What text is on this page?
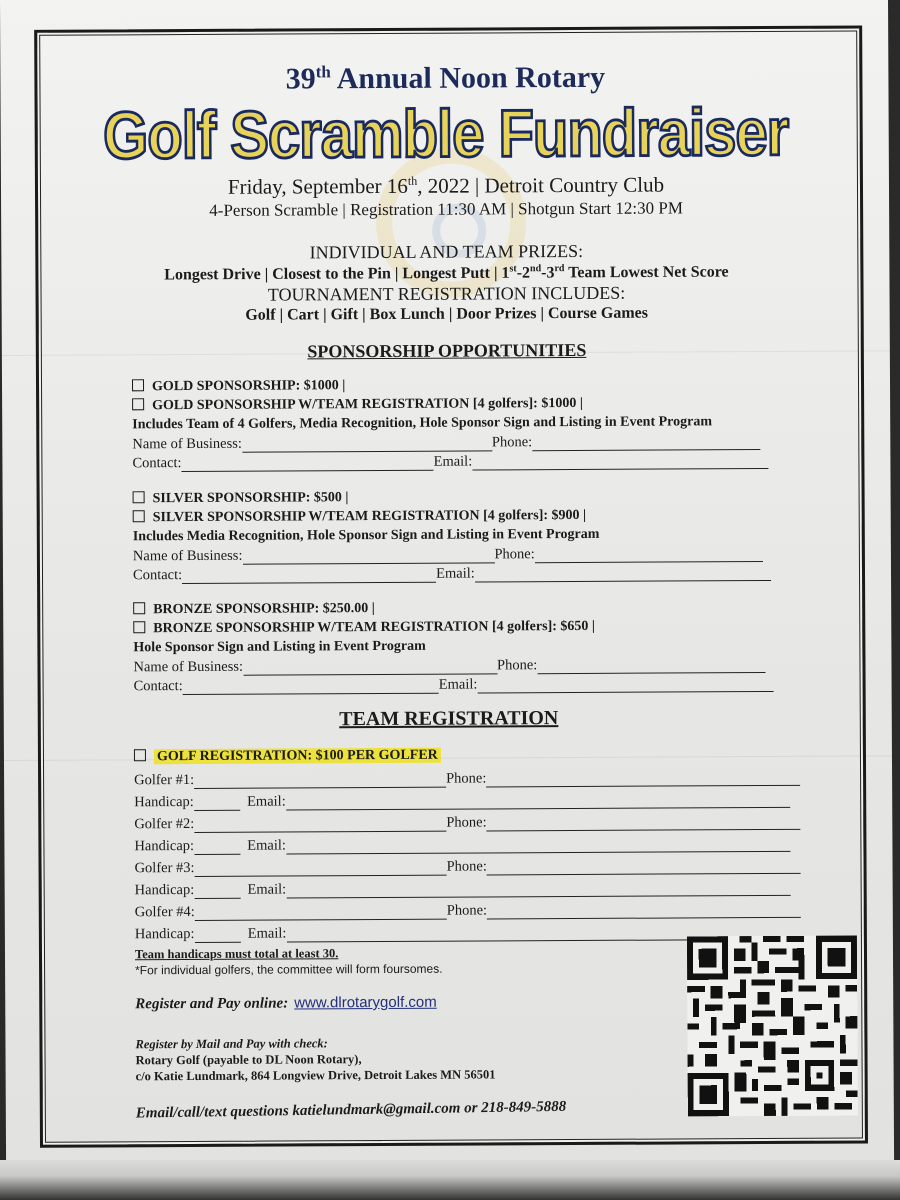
39th Annual Noon Rotary
Golf Scramble Fundraiser
Friday, September 16th, 2022 | Detroit Country Club
4-Person Scramble | Registration 11:30 AM | Shotgun Start 12:30 PM
INDIVIDUAL AND TEAM PRIZES:
Longest Drive | Closest to the Pin | Longest Putt | 1st-2nd-3rd Team Lowest Net Score
TOURNAMENT REGISTRATION INCLUDES:
Golf | Cart | Gift | Box Lunch | Door Prizes | Course Games
SPONSORSHIP OPPORTUNITIES
GOLD SPONSORSHIP: $1000 |
GOLD SPONSORSHIP W/TEAM REGISTRATION [4 golfers]: $1000 |
Includes Team of 4 Golfers, Media Recognition, Hole Sponsor Sign and Listing in Event Program
Name of Business:	Phone:
Contact:	Email:
SILVER SPONSORSHIP: $500 |
SILVER SPONSORSHIP W/TEAM REGISTRATION [4 golfers]: $900 |
Includes Media Recognition, Hole Sponsor Sign and Listing in Event Program
Name of Business:	Phone:
Contact:	Email:
BRONZE SPONSORSHIP: $250.00 |
BRONZE SPONSORSHIP W/TEAM REGISTRATION [4 golfers]: $650 |
Hole Sponsor Sign and Listing in Event Program
Name of Business:	Phone:
Contact:	Email:
TEAM REGISTRATION
GOLF REGISTRATION: $100 PER GOLFER
Golfer #1:	Phone:
Handicap:	Email:
Golfer #2:	Phone:
Handicap:	Email:
Golfer #3:	Phone:
Handicap:	Email:
Golfer #4:	Phone:
Handicap:	Email:
Team handicaps must total at least 30.
*For individual golfers, the committee will form foursomes.
Register and Pay online: www.dlrotarygolf.com
Register by Mail and Pay with check:
Rotary Golf (payable to DL Noon Rotary),
c/o Katie Lundmark, 864 Longview Drive, Detroit Lakes MN 56501
Email/call/text questions katielundmark@gmail.com or 218-849-5888
